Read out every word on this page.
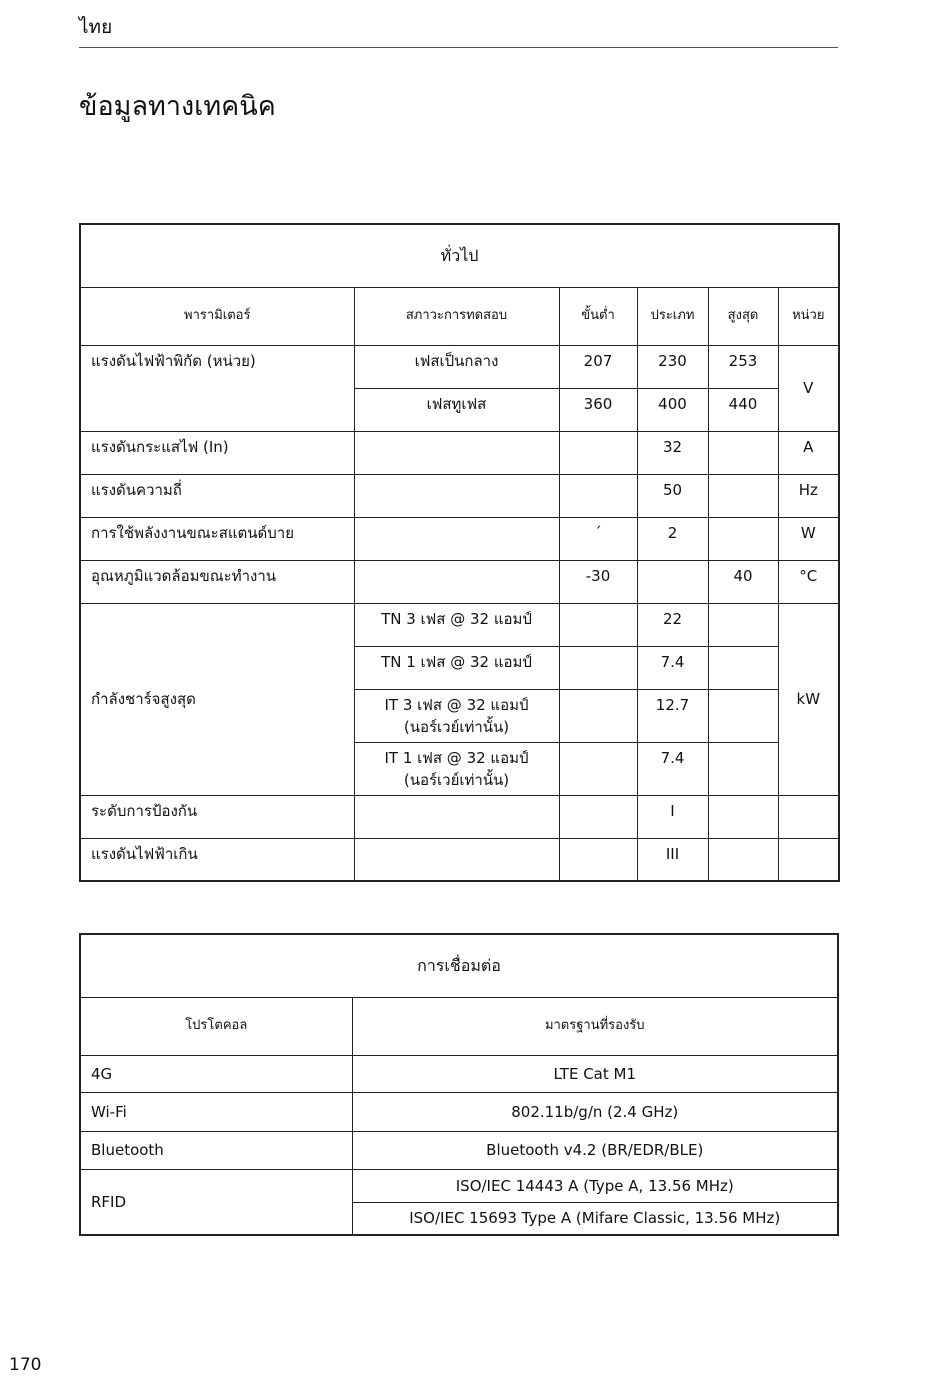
ไทย
ข้อมูลทางเทคนิค
ทั่วไป					
พารามิเตอร์	สภาวะการทดสอบ	ขั้นต่ำ	ประเภท	สูงสุด	หน่วย
แรงดันไฟฟ้าพิกัด (หน่วย)	เฟสเป็นกลาง	207	230	253	V
	เฟสทูเฟส	360	400	440	
แรงดันกระแสไฟ (In)			32		A
แรงดันความถี่			50		Hz
การใช้พลังงานขณะสแตนด์บาย		´	2		W
อุณหภูมิแวดล้อมขณะทำงาน		-30		40	°C
กำลังชาร์จสูงสุด	TN 3 เฟส @ 32 แอมป์		22		kW
	TN 1 เฟส @ 32 แอมป์		7.4		

	IT 3 เฟส @ 32 แอมป์
(นอร์เวย์เท่านั้น)		12.7		

	IT 1 เฟส @ 32 แอมป์
(นอร์เวย์เท่านั้น)		7.4		
ระดับการป้องกัน			I		
แรงดันไฟฟ้าเกิน			III		
การเชื่อมต่อ	
โปรโตคอล	มาตรฐานที่รองรับ
4G	LTE Cat M1
Wi-Fi	802.11b/g/n (2.4 GHz)
Bluetooth	Bluetooth v4.2 (BR/EDR/BLE)
RFID	ISO/IEC 14443 A (Type A, 13.56 MHz)
	ISO/IEC 15693 Type A (Mifare Classic, 13.56 MHz)
170
